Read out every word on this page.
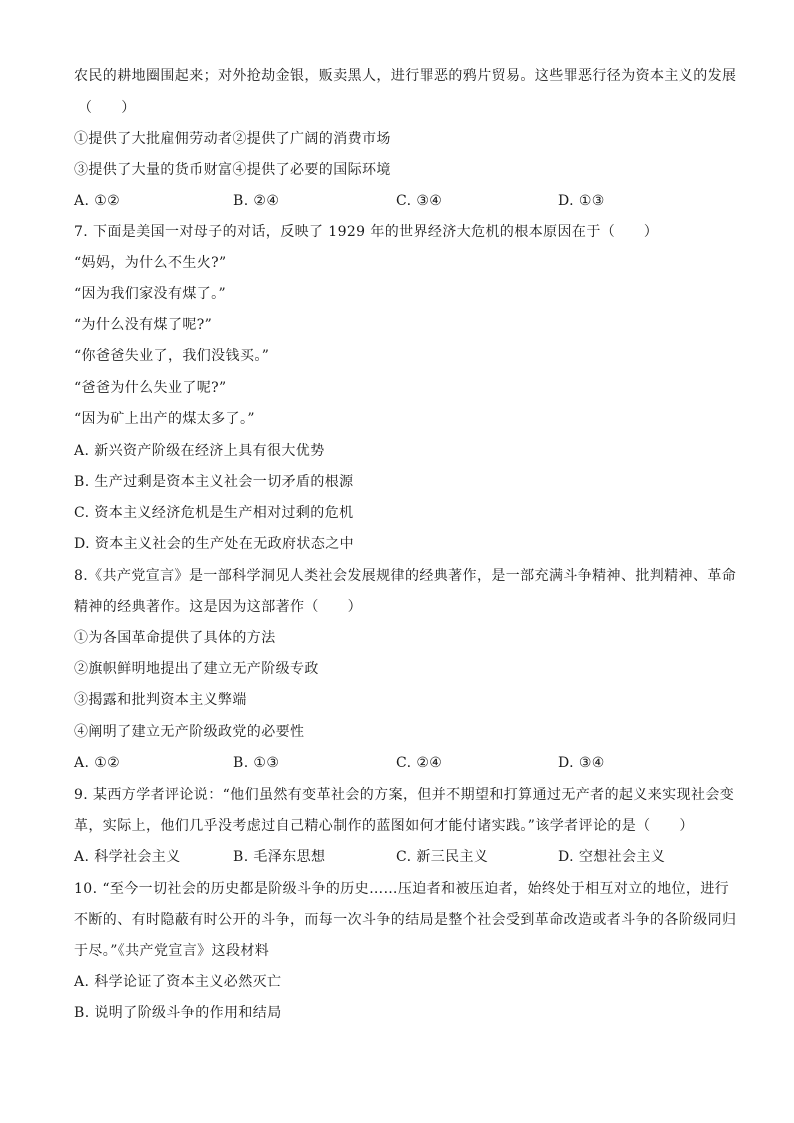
农民的耕地圈围起来；对外抢劫金银，贩卖黑人，进行罪恶的鸦片贸易。这些罪恶行径为资本主义的发展
（　　）
①提供了大批雇佣劳动者②提供了广阔的消费市场
③提供了大量的货币财富④提供了必要的国际环境
A. ①②	B. ②④	C. ③④	D. ①③
7. 下面是美国一对母子的对话，反映了 1929 年的世界经济大危机的根本原因在于（　　）
“妈妈，为什么不生火?”
“因为我们家没有煤了。”
“为什么没有煤了呢?”
“你爸爸失业了，我们没钱买。”
“爸爸为什么失业了呢?”
“因为矿上出产的煤太多了。”
A. 新兴资产阶级在经济上具有很大优势
B. 生产过剩是资本主义社会一切矛盾的根源
C. 资本主义经济危机是生产相对过剩的危机
D. 资本主义社会的生产处在无政府状态之中
8.《共产党宣言》是一部科学洞见人类社会发展规律的经典著作，是一部充满斗争精神、批判精神、革命
精神的经典著作。这是因为这部著作（　　）
①为各国革命提供了具体的方法
②旗帜鲜明地提出了建立无产阶级专政
③揭露和批判资本主义弊端
④阐明了建立无产阶级政党的必要性
A. ①②	B. ①③	C. ②④	D. ③④
9. 某西方学者评论说：“他们虽然有变革社会的方案，但并不期望和打算通过无产者的起义来实现社会变
革，实际上，他们几乎没考虑过自己精心制作的蓝图如何才能付诸实践。”该学者评论的是（　　）
A. 科学社会主义	B. 毛泽东思想	C. 新三民主义	D. 空想社会主义
10. “至今一切社会的历史都是阶级斗争的历史……压迫者和被压迫者，始终处于相互对立的地位，进行
不断的、有时隐蔽有时公开的斗争，而每一次斗争的结局是整个社会受到革命改造或者斗争的各阶级同归
于尽。”《共产党宣言》这段材料
A. 科学论证了资本主义必然灭亡
B. 说明了阶级斗争的作用和结局
